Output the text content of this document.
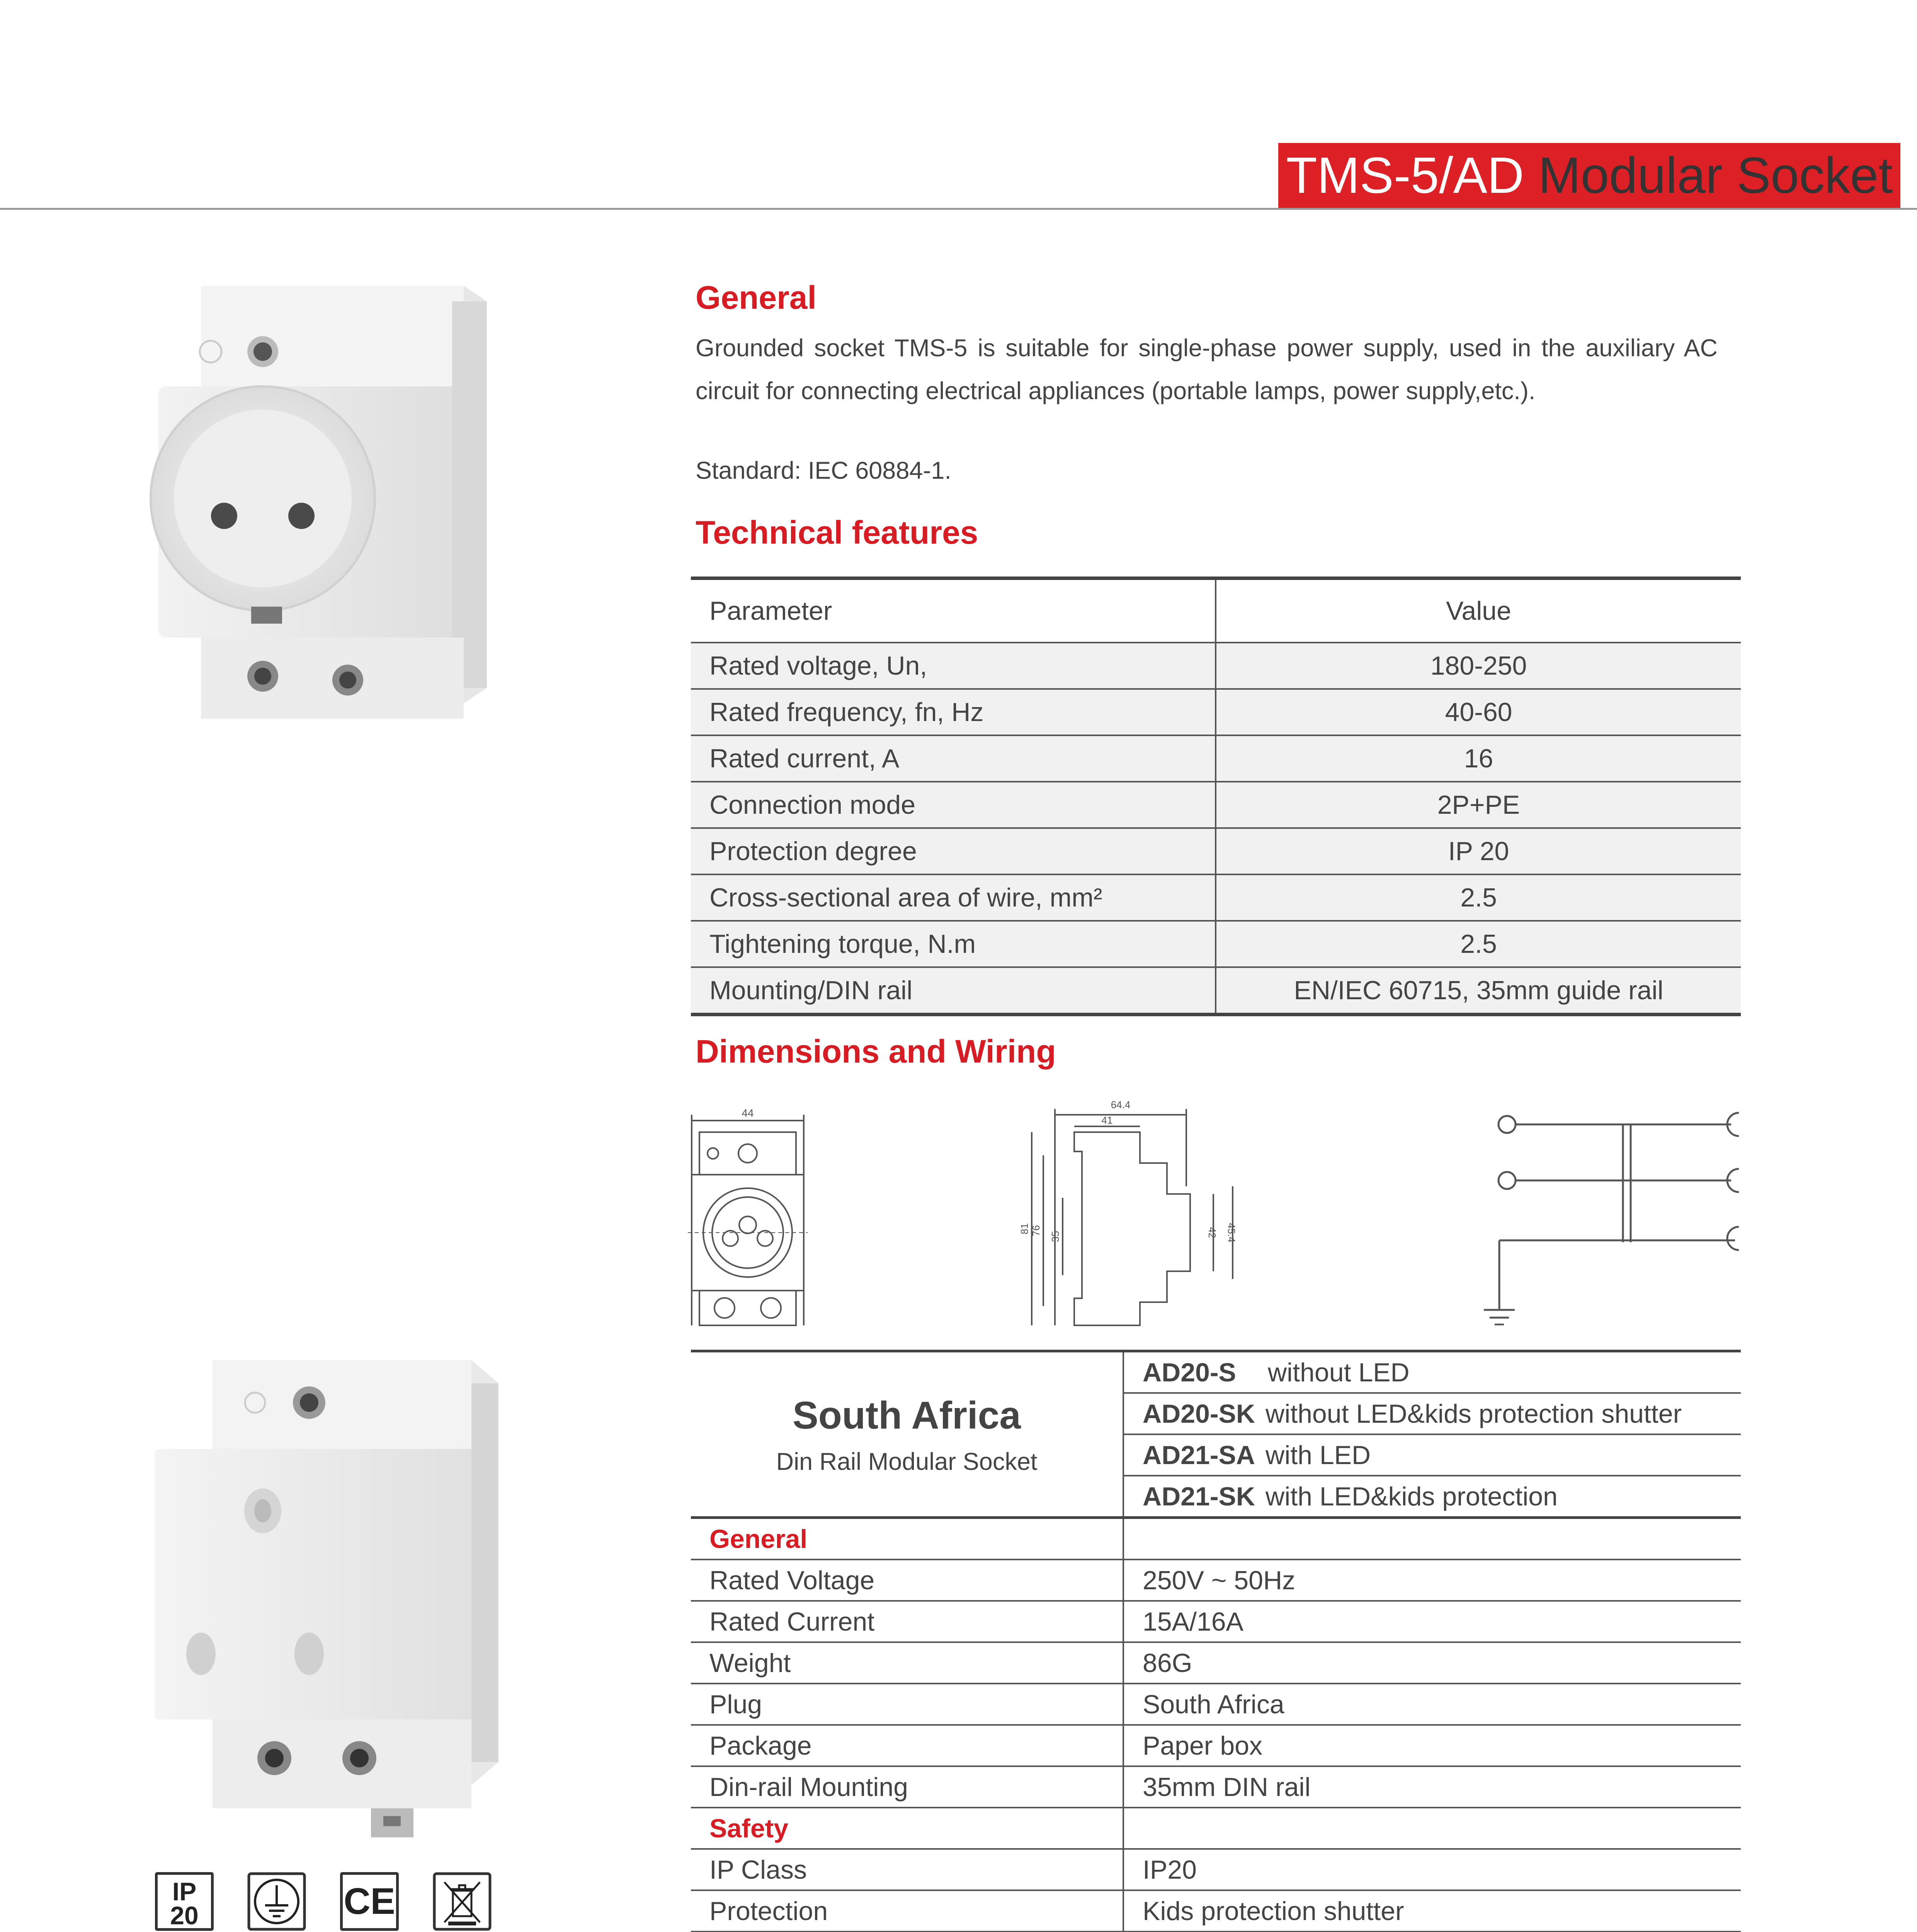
TMS-5/AD Modular Socket
General
Grounded socket TMS-5 is suitable for single-phase power supply, used in the auxiliary AC circuit for connecting electrical appliances (portable lamps, power supply,etc.).
Standard: IEC 60884-1.
Technical features
Parameter	Value
Rated voltage, Un,	180-250
Rated frequency, fn, Hz	40-60
Rated current, A	16
Connection mode	2P+PE
Protection degree	IP 20
Cross-sectional area of wire, mm²	2.5
Tightening torque, N.m	2.5
Mounting/DIN rail	EN/IEC 60715, 35mm guide rail
Dimensions and Wiring
44
64.4
41
81 76
35	42 45.4
IP
20	CE
South Africa
Din Rail Modular Socket	AD20-S without LED
	AD20-SK without LED&kids protection shutter
	AD21-SA with LED
	AD21-SK with LED&kids protection
General	
Rated Voltage	250V ~ 50Hz
Rated Current	15A/16A
Weight	86G
Plug	South Africa
Package	Paper box
Din-rail Mounting	35mm DIN rail
Safety	
IP Class	IP20
Protection	Kids protection shutter
